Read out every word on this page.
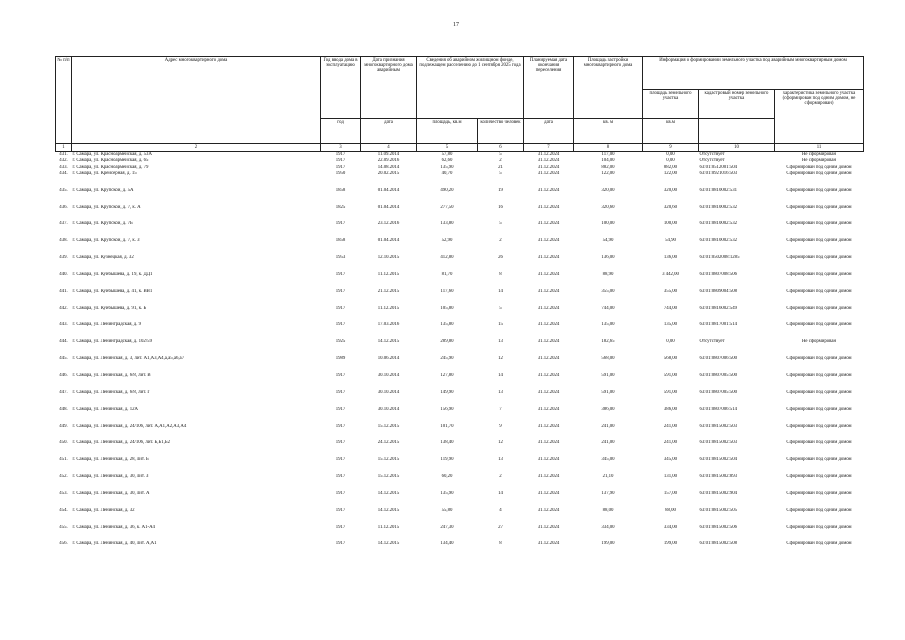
17
№ п/п	Адрес многоквартирного дома	Год ввода дома в эксплуатацию	Дата признания многоквартирного дома аварийным	Сведения об аварийном жилищном фонде, подлежащем расселению до 1 сентября 2025 года		Планируемая дата окончания переселения	Площадь застройки многоквартирного дома	Информация о формировании земельного участка под аварийным многоквартирным домом		
								площадь земельного участка	кадастровый номер земельного участка	характеристика земельного участка (сформирован под одним домом, не сформирован)
		год	дата	площадь, кв.м	количество человек	дата	кв. м	кв.м		
1	2	3	4	5	6	7	8	9	10	11
431.	г. Самара, ул. Красноармейская, д. 53А	1917	11.09.2014	57,80	5	31.12.2024	117,00	0,00	Отсутствует	Не сформирован
432.	г. Самара, ул. Красноармейская, д. 65	1917	22.09.2016	62,60	2	31.12.2024	104,00	0,00	Отсутствует	Не сформирован
433.	г. Самара, ул. Красноармейская, д. 79	1917	14.08.2014	135,90	21	31.12.2024	882,00	882,00	63:01:0512001:504	Сформирован под одним домом
434.	г. Самара, ул. Крейсерная, д. 15	1950	20.02.2015	40,70	5	31.12.2024	122,00	122,00	63:01:0921016:503	Сформирован под одним домом
435.	г. Самара, ул. Крупской, д. 5А	1858	01.04.2014	490,20	19	31.12.2024	320,00	320,00	63:01:0810002:531	Сформирован под одним домом
436.	г. Самара, ул. Крупской, д. 7, к. А	1825	01.04.2014	277,50	16	31.12.2024	320,60	320,60	63:01:0810002:532	Сформирован под одним домом
437.	г. Самара, ул. Крупской, д. 7Б	1917	23.12.2016	133,80	5	31.12.2024	100,00	100,00	63:01:0810002:532	Сформирован под одним домом
438.	г. Самара, ул. Крупской, д. 7, к. З	1858	01.04.2014	52,90	2	31.12.2024	54,90	54,90	63:01:0810002:532	Сформирован под одним домом
439.	г. Самара, ул. Кузнецкая, д. 32	1953	12.10.2015	412,80	26	31.12.2024	136,00	136,00	63:01:0502008:1285	Сформирован под одним домом
440.	г. Самара, ул. Куйбышева, д. 19, к. ДД1	1917	11.12.2015	81,70	8	31.12.2024	88,90	3 442,00	63:01:0807008:506	Сформирован под одним домом
441.	г. Самара, ул. Куйбышева, д. 41, к. ВВ1	1917	21.12.2015	117,60	14	31.12.2024	355,00	355,00	63:01:0809004:508	Сформирован под одним домом
442.	г. Самара, ул. Куйбышева, д. 91, к. Б	1917	11.12.2015	105,80	5	31.12.2024	744,00	744,00	63:01:0816002:549	Сформирован под одним домом
443.	г. Самара, ул. Ленинградская, д. 9	1917	17.03.2016	135,80	15	31.12.2024	135,00	135,00	63:01:0817001:514	Сформирован под одним домом
444.	г. Самара, ул. Ленинградская, д. 102/59	1925	14.12.2015	289,80	13	31.12.2024	182,65	0,00	Отсутствует	Не сформирован
445.	г. Самара, ул. Ленинская, д. 3, лит. А1,А3,А4,а,а5,а6,а7	1989	10.06.2014	245,90	12	31.12.2024	568,00	568,00	63:01:0807006:500	Сформирован под одним домом
446.	г. Самара, ул. Ленинская, д. 6/8, лит. В	1917	30.10.2014	127,80	14	31.12.2024	591,00	591,00	63:01:0807005:500	Сформирован под одним домом
447.	г. Самара, ул. Ленинская, д. 6/8, лит. Г	1917	30.10.2014	149,90	13	31.12.2024	591,00	591,00	63:01:0807005:500	Сформирован под одним домом
448.	г. Самара, ул. Ленинская, д. 12А	1917	30.10.2014	156,90	7	31.12.2024	386,00	386,00	63:01:0807006:514	Сформирован под одним домом
449.	г. Самара, ул. Ленинская, д. 24/106, лит. А,А1,А2,А3,А4	1917	15.12.2015	101,70	9	31.12.2024	241,00	241,00	63:01:0815002:503	Сформирован под одним домом
450.	г. Самара, ул. Ленинская, д. 24/106, лит. Б,Б1,Б2	1917	24.12.2015	138,40	12	31.12.2024	241,00	241,00	63:01:0815002:503	Сформирован под одним домом
451.	г. Самара, ул. Ленинская, д. 28, лит. Б	1917	15.12.2015	119,90	13	31.12.2024	345,00	345,00	63:01:0815002:504	Сформирован под одним домом
452.	г. Самара, ул. Ленинская, д. 30, лит. З	1917	15.12.2015	60,20	2	31.12.2024	21,10	131,00	63:01:0815002:893	Сформирован под одним домом
453.	г. Самара, ул. Ленинская, д. 30, лит. А	1917	14.12.2015	135,90	14	31.12.2024	137,90	157,00	63:01:0815002:904	Сформирован под одним домом
454.	г. Самара, ул. Ленинская, д. 32	1917	14.12.2015	55,80	4	31.12.2024	88,00	88,00	63:01:0815002:505	Сформирован под одним домом
455.	г. Самара, ул. Ленинская, д. 36, к. А1-А4	1917	11.12.2015	247,30	27	31.12.2024	334,00	334,00	63:01:0815002:506	Сформирован под одним домом
456.	г. Самара, ул. Ленинская, д. 40, лит. А,А1	1917	14.12.2015	134,40	8	31.12.2024	199,00	199,00	63:01:0815002:508	Сформирован под одним домом
